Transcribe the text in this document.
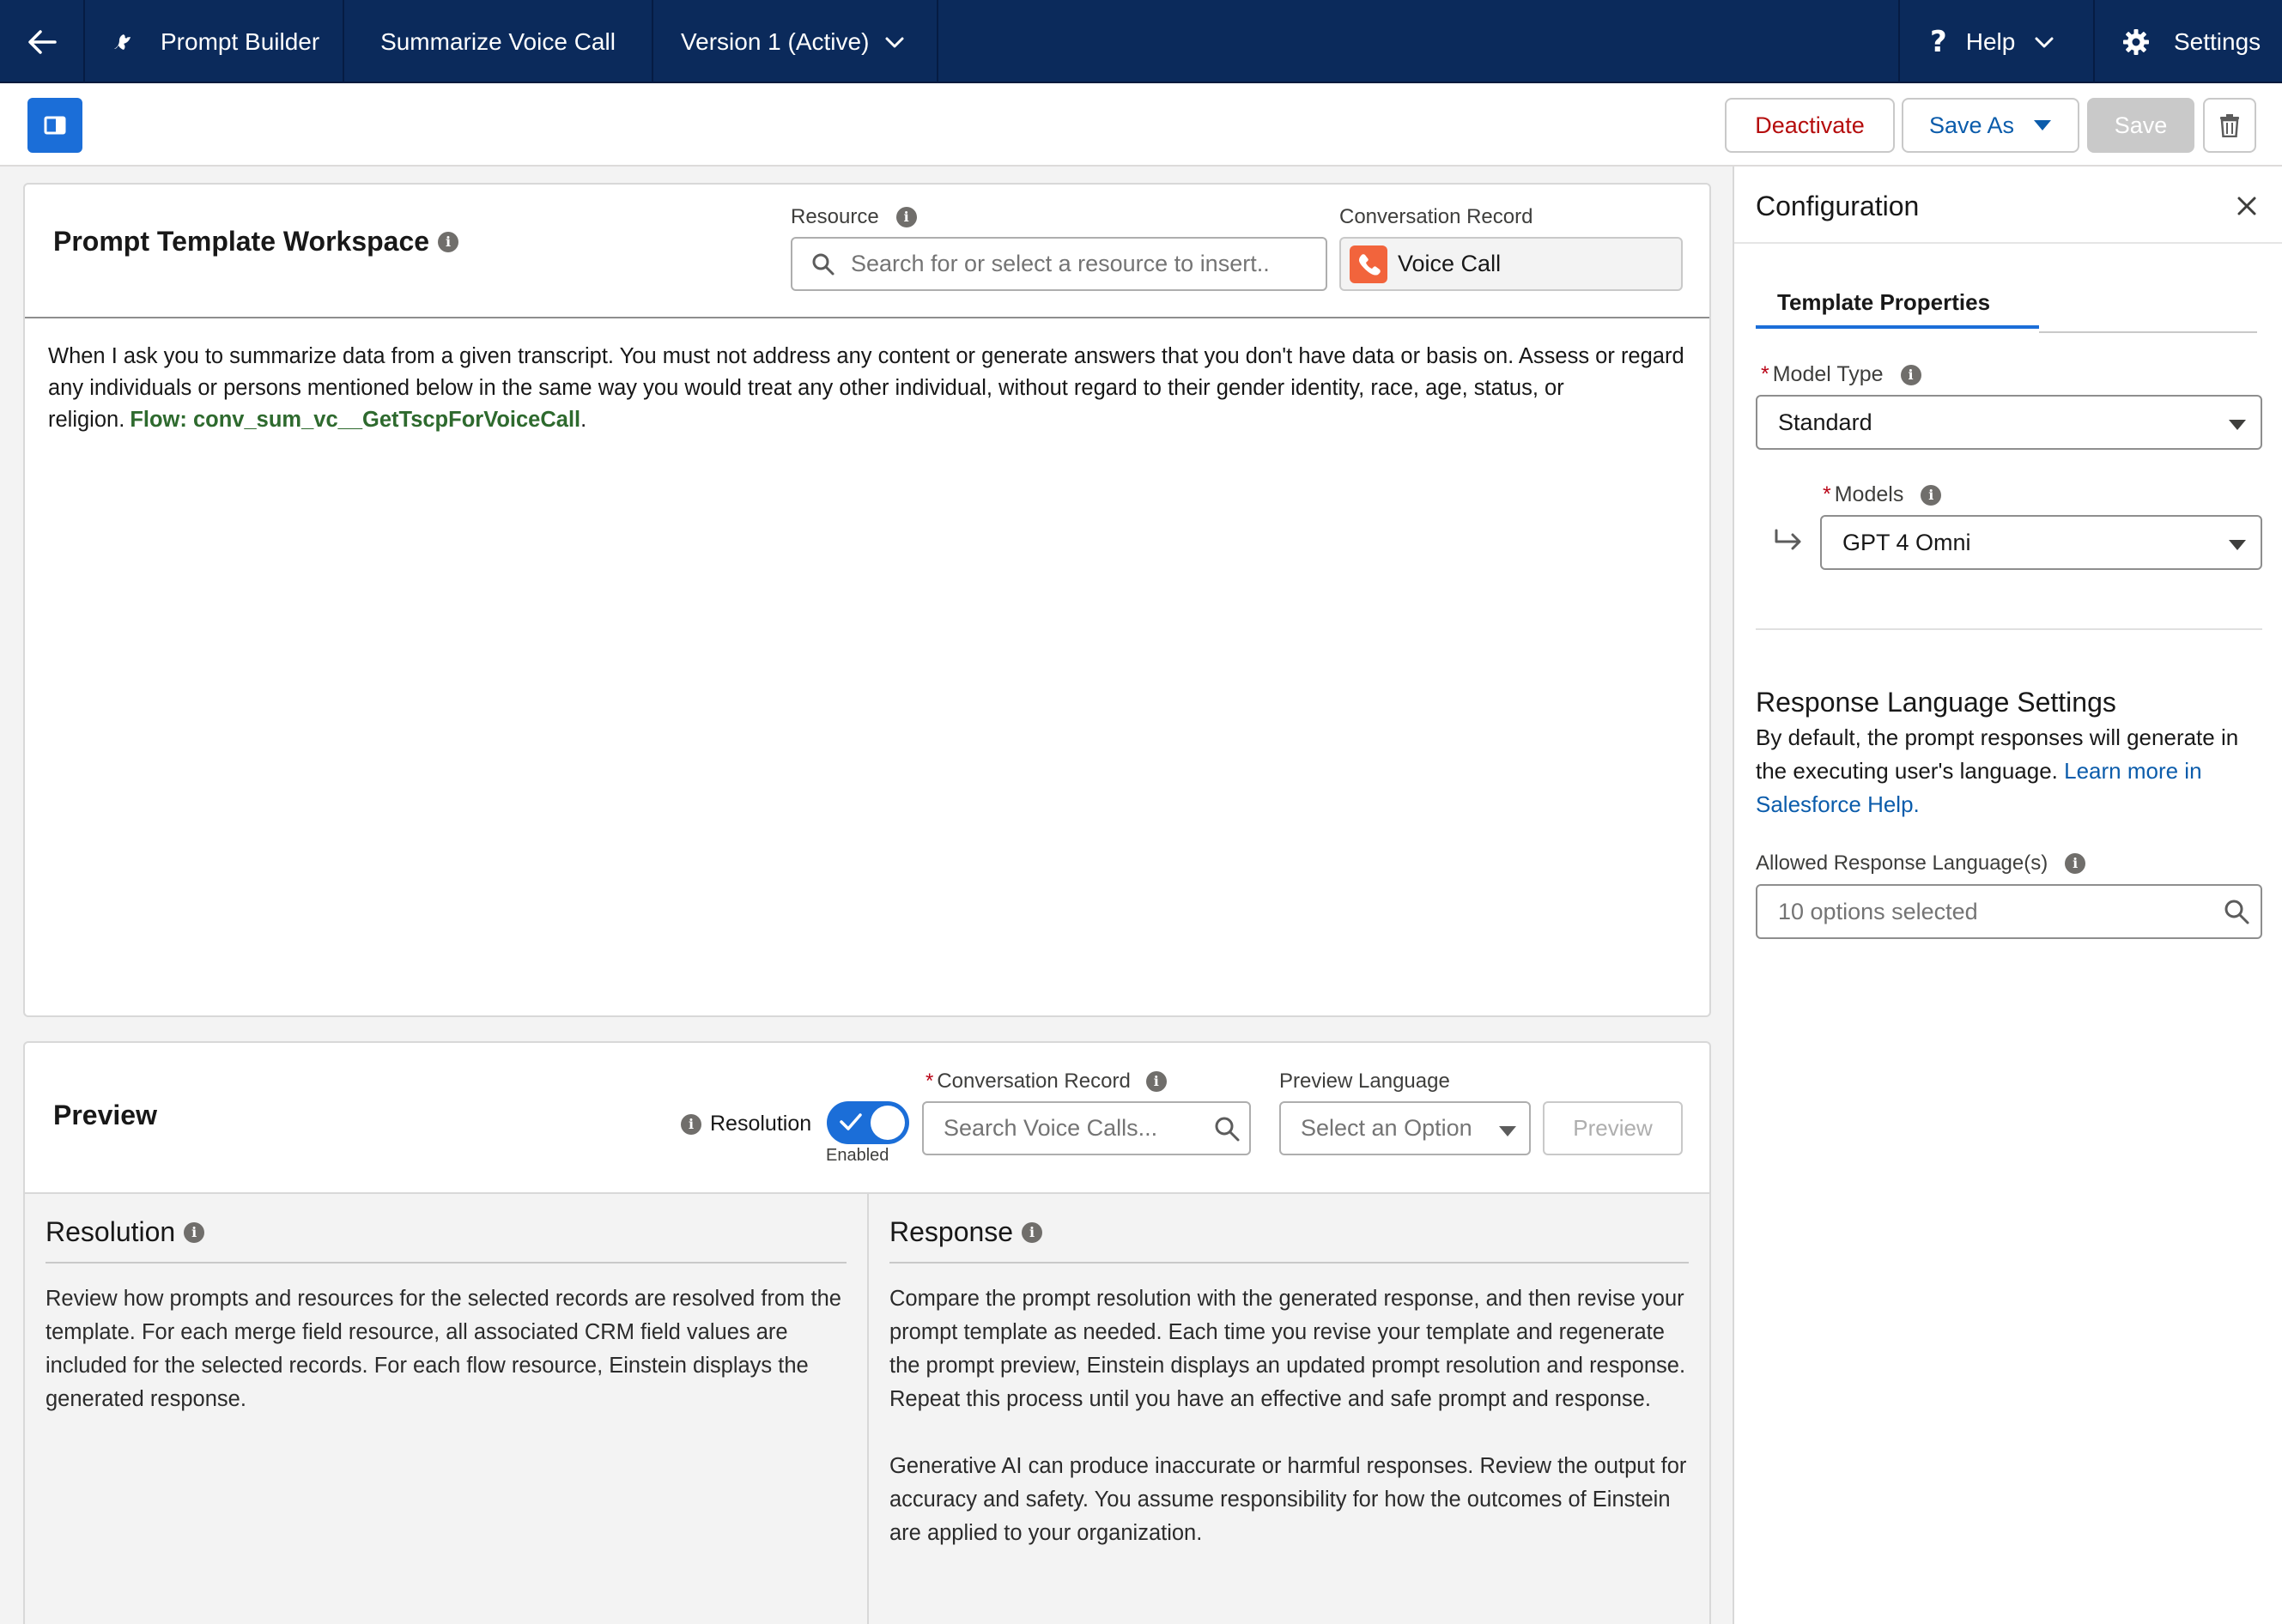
Prompt Builder	Summarize Voice Call	Version 1 (Active)	? Help	Settings
Deactivate	Save As	Save
Prompt Template Workspace	i
Resource	i
Search for or select a resource to insert..
Conversation Record
Voice Call
When I ask you to summarize data from a given transcript. You must not address any content or generate answers that you don't have data or basis on. Assess or regard any individuals or persons mentioned below in the same way you would treat any other individual, without regard to their gender identity, race, age, status, or religion. Flow: conv_sum_vc__GetTscpForVoiceCall.
Preview	i Resolution
Enabled
* Conversation Record	i
Search Voice Calls...
Preview Language
Select an Option	Preview
Resolution	i

Review how prompts and resources for the selected records are resolved from the template. For each merge field resource, all associated CRM field values are included for the selected records. For each flow resource, Einstein displays the generated response.

Response	i

Compare the prompt resolution with the generated response, and then revise your prompt template as needed. Each time you revise your template and regenerate the prompt preview, Einstein displays an updated prompt resolution and response. Repeat this process until you have an effective and safe prompt and response.

Generative AI can produce inaccurate or harmful responses. Review the output for accuracy and safety. You assume responsibility for how the outcomes of Einstein are applied to your organization.

Configuration
Template Properties
* Model Type	i
Standard
* Models	i
GPT 4 Omni
Response Language Settings
By default, the prompt responses will generate in the executing user's language. Learn more in Salesforce Help.
Allowed Response Language(s)	i
10 options selected
